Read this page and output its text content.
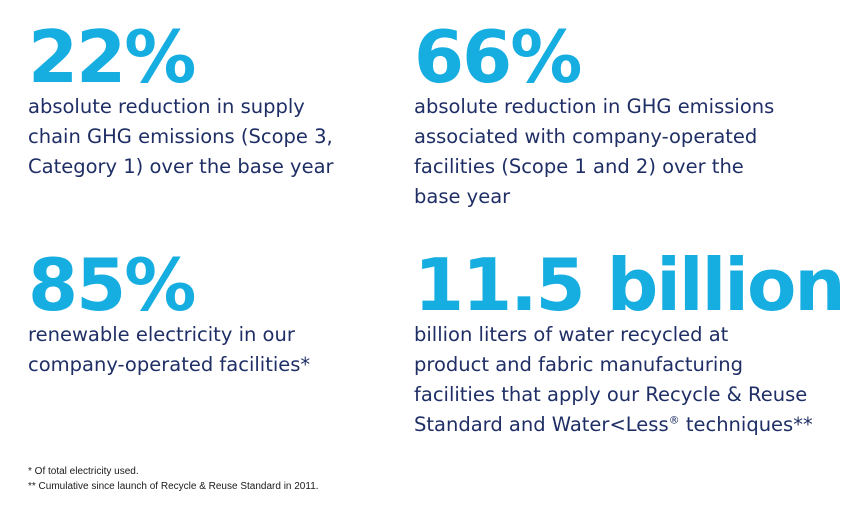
22%
absolute reduction in supply
chain GHG emissions (Scope 3,
Category 1) over the base year
66%
absolute reduction in GHG emissions
associated with company-operated
facilities (Scope 1 and 2) over the
base year
85%
renewable electricity in our
company-operated facilities*
11.5 billion
billion liters of water recycled at
product and fabric manufacturing
facilities that apply our Recycle & Reuse
Standard and Water<Less® techniques**
* Of total electricity used.
** Cumulative since launch of Recycle & Reuse Standard in 2011.
